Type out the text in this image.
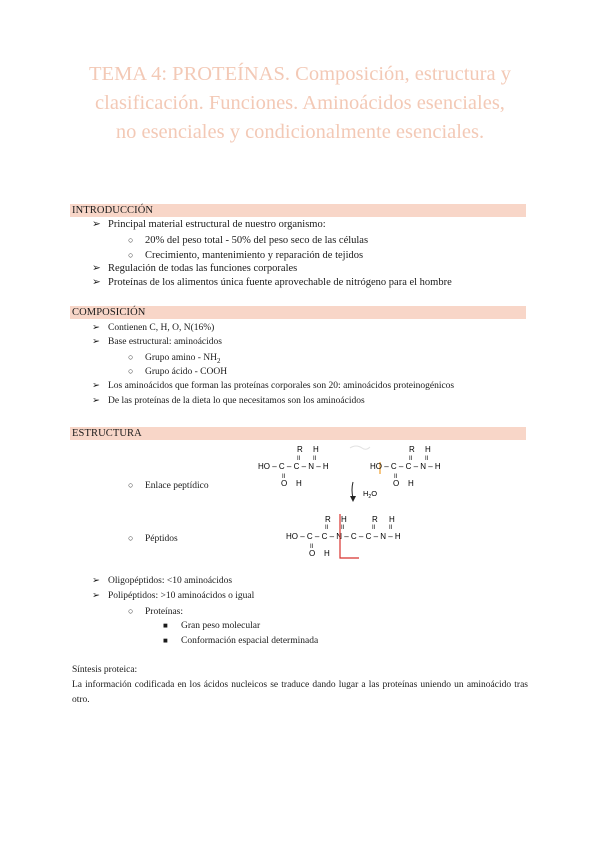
TEMA 4: PROTEÍNAS. Composición, estructura y
clasificación. Funciones. Aminoácidos esenciales,
no esenciales y condicionalmente esenciales.
INTRODUCCIÓN
➢ Principal material estructural de nuestro organismo:
○ 20% del peso total - 50% del peso seco de las células
○ Crecimiento, mantenimiento y reparación de tejidos
➢ Regulación de todas las funciones corporales
➢ Proteínas de los alimentos única fuente aprovechable de nitrógeno para el hombre
COMPOSICIÓN
➢ Contienen C, H, O, N(16%)
➢ Base estructural: aminoácidos
○ Grupo amino - $NH_2$
○ Grupo ácido - COOH
➢ Los aminoácidos que forman las proteínas corporales son 20: aminoácidos proteinogénicos
➢ De las proteínas de la dieta lo que necesitamos son los aminoácidos
ESTRUCTURA
○ Enlace peptídico
○ Péptidos
R H
II II
HO – C – C – N – H
II
O H
R H
II II
HO – C – C – N – H
II
O H
$H_2O$
R H
II II
R H
II II
HO – C – C – N – C – C – N – H
II
O H
➢ Oligopéptidos: <10 aminoácidos
➢ Polipéptidos: >10 aminoácidos o igual
○ Proteínas:
■ Gran peso molecular
■ Conformación espacial determinada
Síntesis proteica:
La información codificada en los ácidos nucleicos se traduce dando lugar a las proteínas uniendo un aminoácido tras otro.
